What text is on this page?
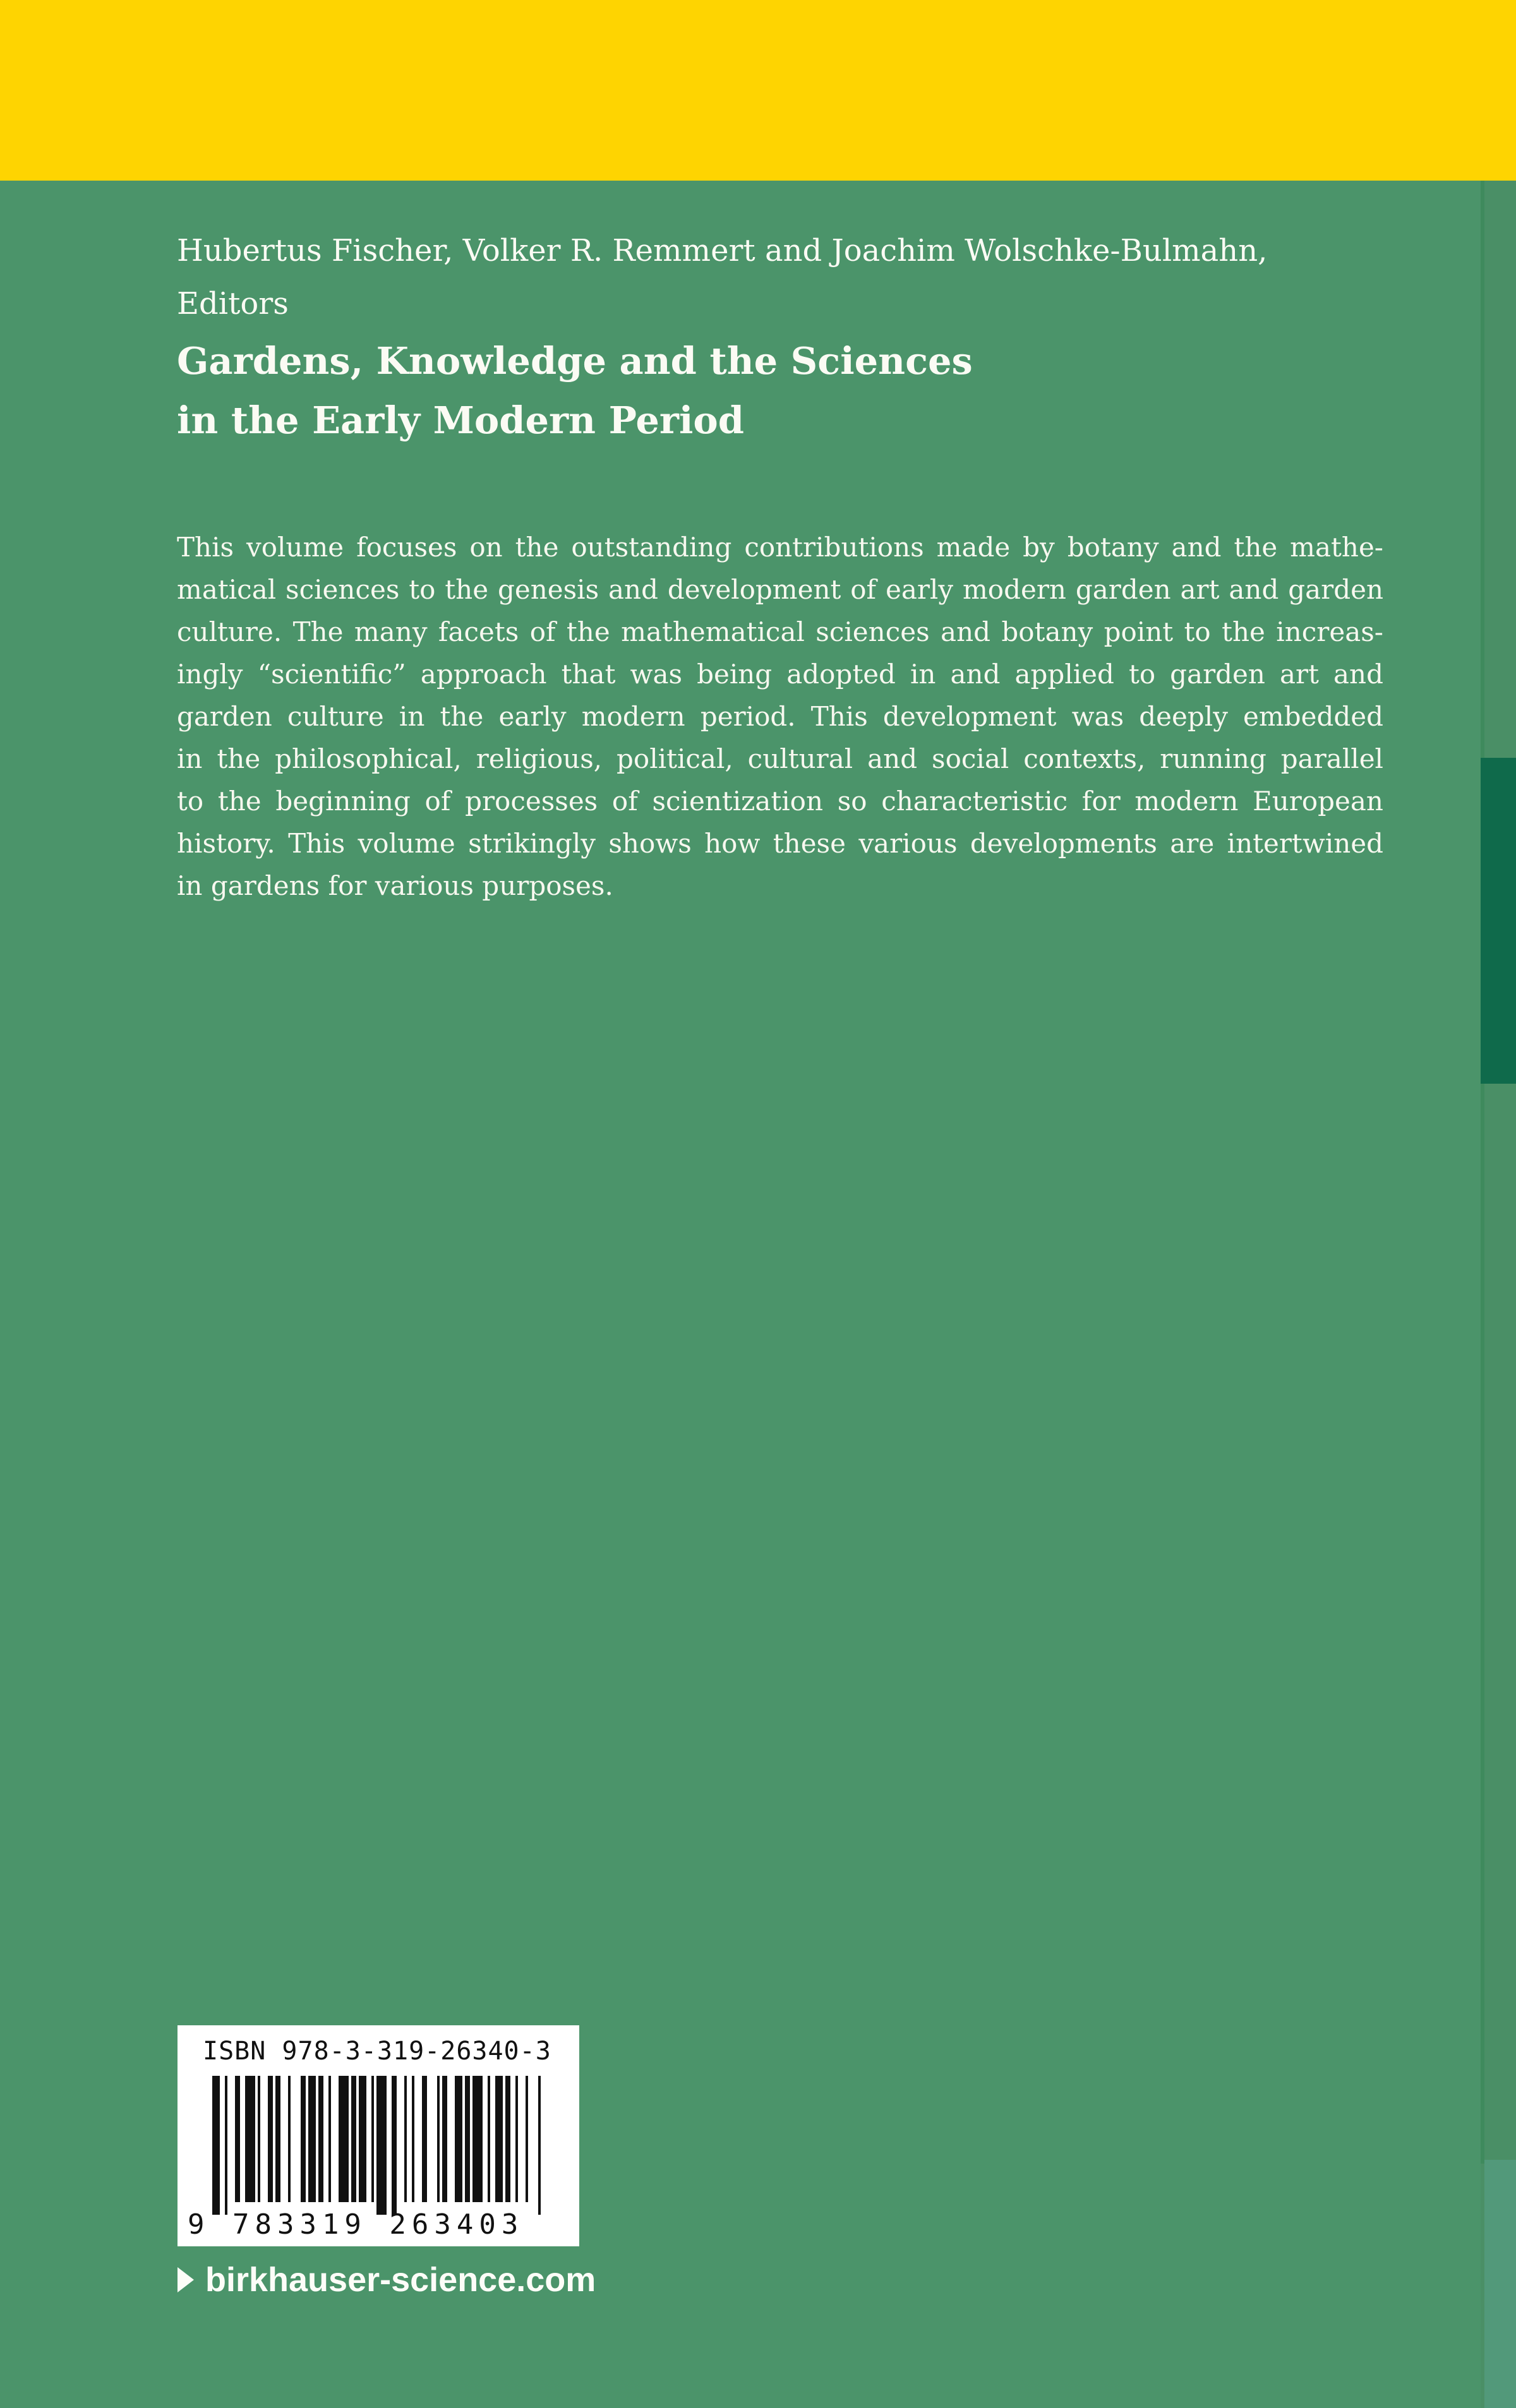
Hubertus Fischer, Volker R. Remmert and Joachim Wolschke-Bulmahn,
Editors
Gardens, Knowledge and the Sciences
in the Early Modern Period
This volume focuses on the outstanding contributions made by botany and the mathe-
matical sciences to the genesis and development of early modern garden art and garden
culture. The many facets of the mathematical sciences and botany point to the increas-
ingly “scientific” approach that was being adopted in and applied to garden art and
garden culture in the early modern period. This development was deeply embedded
in the philosophical, religious, political, cultural and social contexts, running parallel
to the beginning of processes of scientization so characteristic for modern European
history. This volume strikingly shows how these various developments are intertwined
in gardens for various purposes.
ISBN 978-3-319-26340-3
9 783319 263403
birkhauser-science.com
